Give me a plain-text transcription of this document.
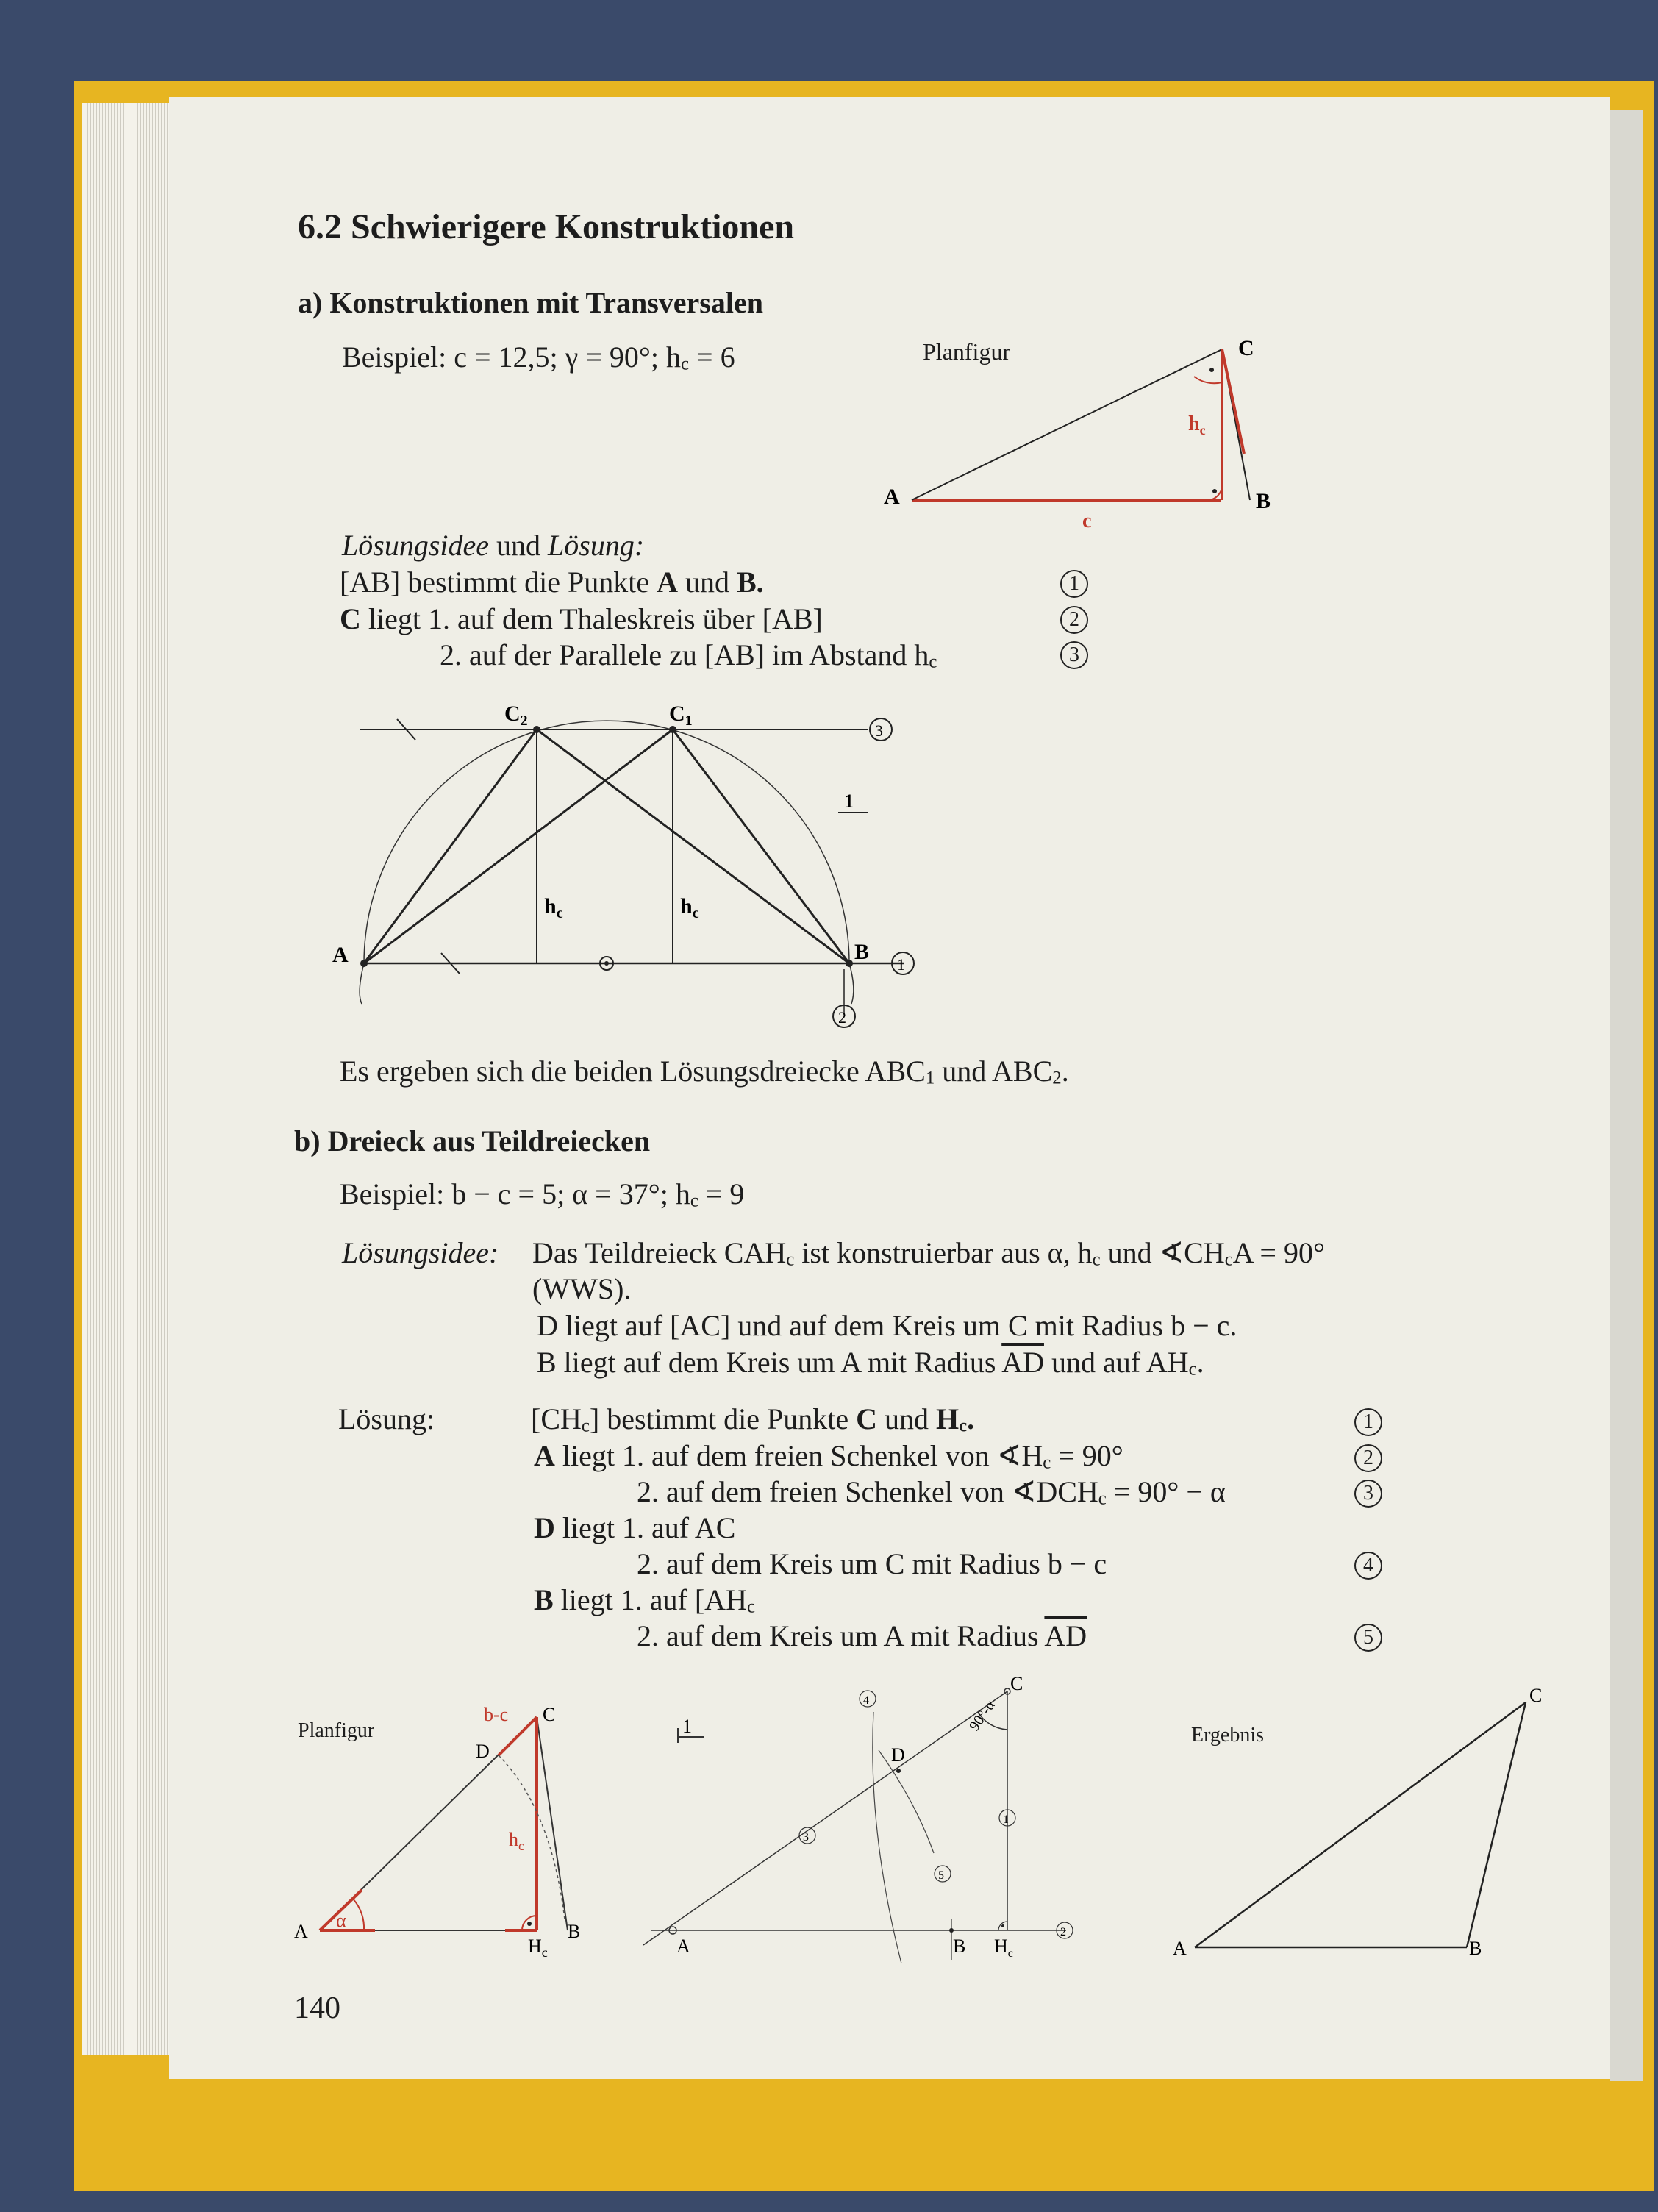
6.2 Schwierigere Konstruktionen
a) Konstruktionen mit Transversalen
Beispiel: c = 12,5; γ = 90°; $h_c = 6$	Planfigur
A	B
C
$h_c$
c
Lösungsidee und Lösung:
[AB] bestimmt die Punkte A und B.
C liegt 1. auf dem Thaleskreis über [AB]
2. auf der Parallele zu [AB] im Abstand $h_c$
1
2
3
A	B
$C_2$	$C_1$
$h_c$	$h_c$
1
3
1
2
Es ergeben sich die beiden Lösungsdreiecke $ABC_1$ und $ABC_2$.
b) Dreieck aus Teildreiecken
Beispiel: b − c = 5; α = 37°; $h_c = 9$
Lösungsidee: Das Teildreieck $CAH_c$ ist konstruierbar aus α, $h_c$ und $∢CH_cA = 90^\circ$
(WWS).
D liegt auf [AC] und auf dem Kreis um C mit Radius b − c.
B liegt auf dem Kreis um A mit Radius $\overline{AD}$ und auf $AH_c$.
Lösung:	$[CH_c]$ bestimmt die Punkte C und $H_c$.
A liegt 1. auf dem freien Schenkel von $∢H_c = 90^\circ$
2. auf dem freien Schenkel von $∢DCH_c = 90^\circ - \alpha$
D liegt 1. auf AC
2. auf dem Kreis um C mit Radius b − c
B liegt 1. auf [$AH_c$
2. auf dem Kreis um A mit Radius $\overline{AD}$
1
2
3
4
5
Planfigur
A	B
C
D
b-c
$h_c$
α
$H_c$	A	B
C
D
$H_c$
90°-α
1
4
3
1
5
2
Ergebnis
A	B
C
140
